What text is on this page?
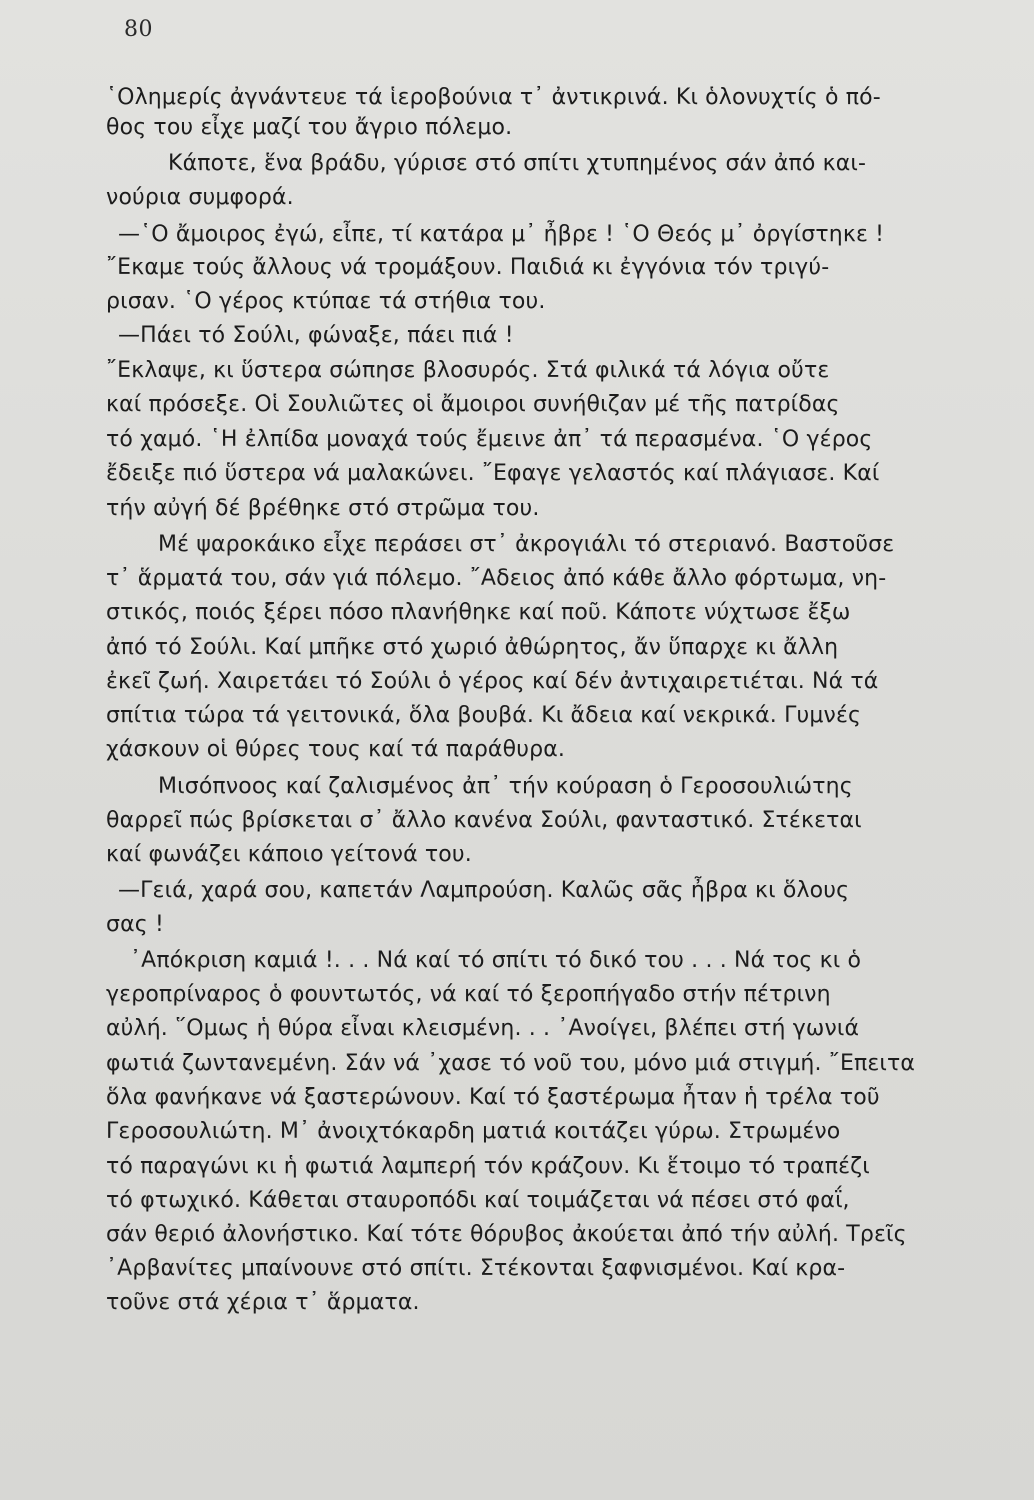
80
῾Ολημερίς ἀγνάντευε τά ἱεροβούνια τ᾽ ἀντικρινά. Κι ὁλονυχτίς ὁ πό-
θος του εἶχε μαζί του ἄγριο πόλεμο.
Κάποτε, ἕνα βράδυ, γύρισε στό σπίτι χτυπημένος σάν ἀπό και-
νούρια συμφορά.
—῾Ο ἄμοιρος ἐγώ, εἶπε, τί κατάρα μ᾽ ἦβρε ! ῾Ο Θεός μ᾽ ὀργίστηκε !
῎Εκαμε τούς ἄλλους νά τρομάξουν. Παιδιά κι ἐγγόνια τόν τριγύ-
ρισαν. ῾Ο γέρος κτύπαε τά στήθια του.
—Πάει τό Σούλι, φώναξε, πάει πιά !
῎Εκλαψε, κι ὕστερα σώπησε βλοσυρός. Στά φιλικά τά λόγια οὔτε
καί πρόσεξε. Οἱ Σουλιῶτες οἱ ἄμοιροι συνήθιζαν μέ τῆς πατρίδας
τό χαμό. ῾Η ἐλπίδα μοναχά τούς ἔμεινε ἀπ᾽ τά περασμένα. ῾Ο γέρος
ἔδειξε πιό ὕστερα νά μαλακώνει. ῎Εφαγε γελαστός καί πλάγιασε. Καί
τήν αὐγή δέ βρέθηκε στό στρῶμα του.
Μέ ψαροκάικο εἶχε περάσει στ᾽ ἀκρογιάλι τό στεριανό. Βαστοῦσε
τ᾽ ἅρματά του, σάν γιά πόλεμο. ῎Αδειος ἀπό κάθε ἄλλο φόρτωμα, νη-
στικός, ποιός ξέρει πόσο πλανήθηκε καί ποῦ. Κάποτε νύχτωσε ἔξω
ἀπό τό Σούλι. Καί μπῆκε στό χωριό ἀθώρητος, ἄν ὕπαρχε κι ἄλλη
ἐκεῖ ζωή. Χαιρετάει τό Σούλι ὁ γέρος καί δέν ἀντιχαιρετιέται. Νά τά
σπίτια τώρα τά γειτονικά, ὅλα βουβά. Κι ἄδεια καί νεκρικά. Γυμνές
χάσκουν οἱ θύρες τους καί τά παράθυρα.
Μισόπνοος καί ζαλισμένος ἀπ᾽ τήν κούραση ὁ Γεροσουλιώτης
θαρρεῖ πώς βρίσκεται σ᾽ ἄλλο κανένα Σούλι, φανταστικό. Στέκεται
καί φωνάζει κάποιο γείτονά του.
—Γειά, χαρά σου, καπετάν Λαμπρούση. Καλῶς σᾶς ἦβρα κι ὅλους
σας !
᾽Απόκριση καμιά !. . . Νά καί τό σπίτι τό δικό του . . . Νά τος κι ὁ
γεροπρίναρος ὁ φουντωτός, νά καί τό ξεροπήγαδο στήν πέτρινη
αὐλή. ῞Ομως ἡ θύρα εἶναι κλεισμένη. . . ᾽Ανοίγει, βλέπει στή γωνιά
φωτιά ζωντανεμένη. Σάν νά ᾽χασε τό νοῦ του, μόνο μιά στιγμή. ῎Επειτα
ὅλα φανήκανε νά ξαστερώνουν. Καί τό ξαστέρωμα ἦταν ἡ τρέλα τοῦ
Γεροσουλιώτη. Μ᾽ ἀνοιχτόκαρδη ματιά κοιτάζει γύρω. Στρωμένο
τό παραγώνι κι ἡ φωτιά λαμπερή τόν κράζουν. Κι ἕτοιμο τό τραπέζι
τό φτωχικό. Κάθεται σταυροπόδι καί τοιμάζεται νά πέσει στό φαΐ,
σάν θεριό ἀλονήστικο. Καί τότε θόρυβος ἀκούεται ἀπό τήν αὐλή. Τρεῖς
᾽Αρβανίτες μπαίνουνε στό σπίτι. Στέκονται ξαφνισμένοι. Καί κρα-
τοῦνε στά χέρια τ᾽ ἅρματα.
